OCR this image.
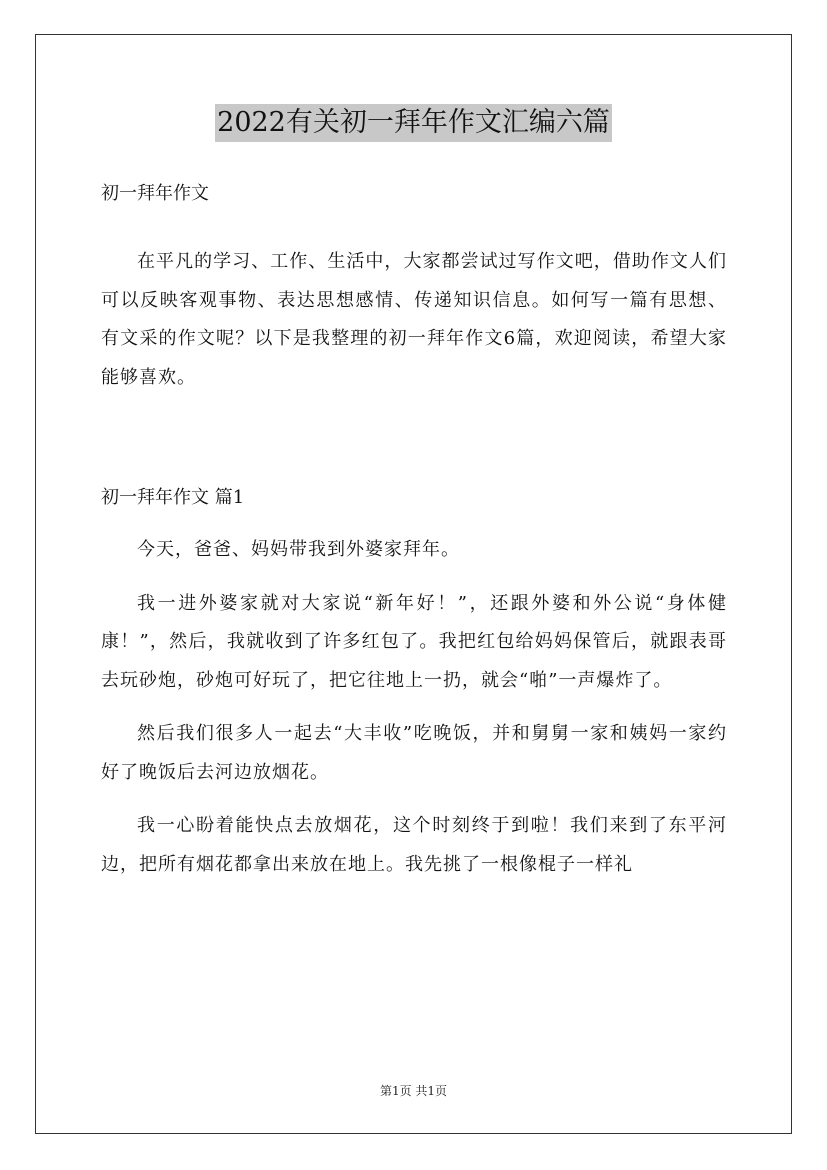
2022有关初一拜年作文汇编六篇

初一拜年作文

在平凡的学习、工作、生活中，大家都尝试过写作文吧，借助作文人们可以反映客观事物、表达思想感情、传递知识信息。如何写一篇有思想、有文采的作文呢？以下是我整理的初一拜年作文6篇，欢迎阅读，希望大家能够喜欢。

初一拜年作文 篇1

今天，爸爸、妈妈带我到外婆家拜年。

我一进外婆家就对大家说“新年好！”，还跟外婆和外公说“身体健康！”，然后，我就收到了许多红包了。我把红包给妈妈保管后，就跟表哥去玩砂炮，砂炮可好玩了，把它往地上一扔，就会“啪”一声爆炸了。

然后我们很多人一起去“大丰收”吃晚饭，并和舅舅一家和姨妈一家约好了晚饭后去河边放烟花。

我一心盼着能快点去放烟花，这个时刻终于到啦！我们来到了东平河边，把所有烟花都拿出来放在地上。我先挑了一根像棍子一样礼

第1页 共1页
